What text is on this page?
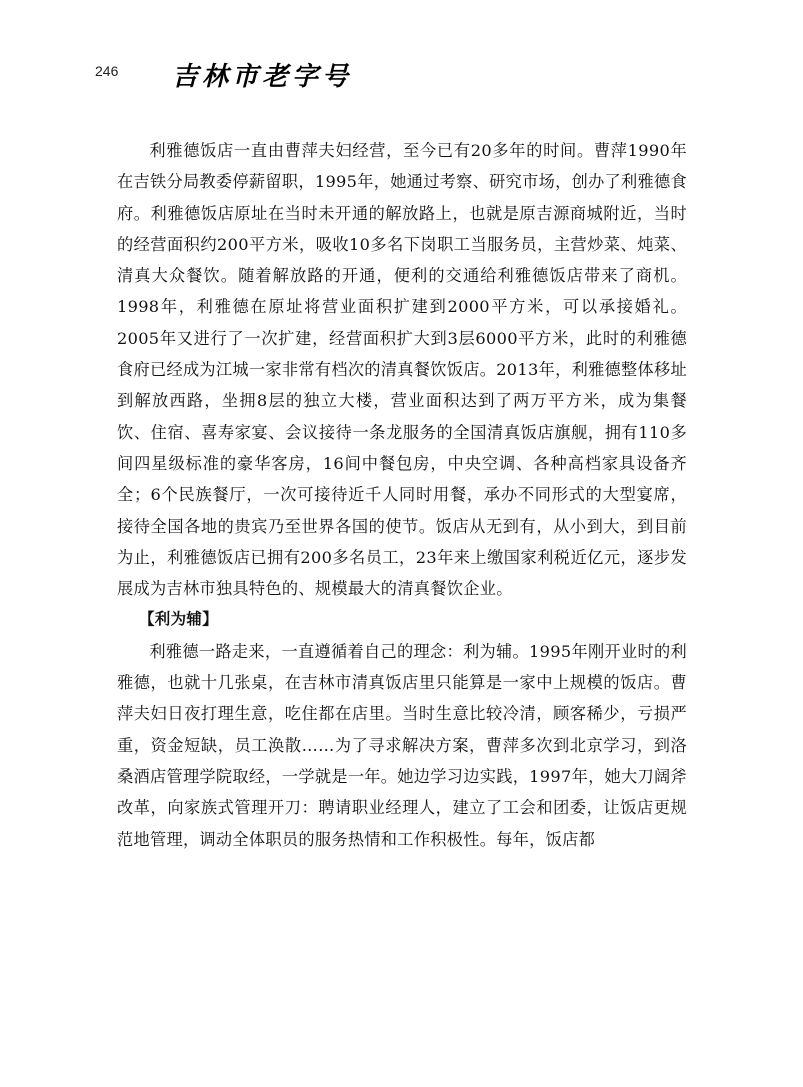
246 吉林市老字号

利雅德饭店一直由曹萍夫妇经营，至今已有20多年的时间。曹萍1990年在吉铁分局教委停薪留职，1995年，她通过考察、研究市场，创办了利雅德食府。利雅德饭店原址在当时未开通的解放路上，也就是原吉源商城附近，当时的经营面积约200平方米，吸收10多名下岗职工当服务员，主营炒菜、炖菜、清真大众餐饮。随着解放路的开通，便利的交通给利雅德饭店带来了商机。1998年，利雅德在原址将营业面积扩建到2000平方米，可以承接婚礼。2005年又进行了一次扩建，经营面积扩大到3层6000平方米，此时的利雅德食府已经成为江城一家非常有档次的清真餐饮饭店。2013年，利雅德整体移址到解放西路，坐拥8层的独立大楼，营业面积达到了两万平方米，成为集餐饮、住宿、喜寿家宴、会议接待一条龙服务的全国清真饭店旗舰，拥有110多间四星级标准的豪华客房，16间中餐包房，中央空调、各种高档家具设备齐全；6个民族餐厅，一次可接待近千人同时用餐，承办不同形式的大型宴席，接待全国各地的贵宾乃至世界各国的使节。饭店从无到有，从小到大，到目前为止，利雅德饭店已拥有200多名员工，23年来上缴国家利税近亿元，逐步发展成为吉林市独具特色的、规模最大的清真餐饮企业。

【利为辅】

利雅德一路走来，一直遵循着自己的理念：利为辅。1995年刚开业时的利雅德，也就十几张桌，在吉林市清真饭店里只能算是一家中上规模的饭店。曹萍夫妇日夜打理生意，吃住都在店里。当时生意比较冷清，顾客稀少，亏损严重，资金短缺，员工涣散……为了寻求解决方案，曹萍多次到北京学习，到洛桑酒店管理学院取经，一学就是一年。她边学习边实践，1997年，她大刀阔斧改革，向家族式管理开刀：聘请职业经理人，建立了工会和团委，让饭店更规范地管理，调动全体职员的服务热情和工作积极性。每年，饭店都
